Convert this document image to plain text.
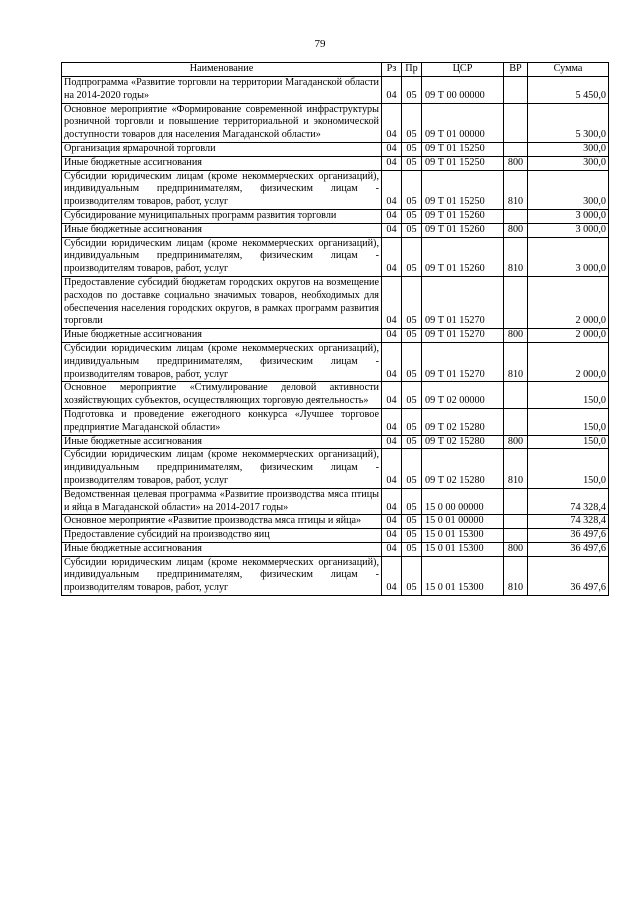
79
Наименование	Рз	Пр	ЦСР	ВР	Сумма
Подпрограмма «Развитие торговли на территории Магаданской области на 2014-2020 годы»	04	05	09 Т 00 00000		5 450,0
Основное мероприятие «Формирование современной инфраструктуры розничной торговли и повышение территориальной и экономической доступности товаров для населения Магаданской области»	04	05	09 Т 01 00000		5 300,0
Организация ярмарочной торговли	04	05	09 Т 01 15250		300,0
Иные бюджетные ассигнования	04	05	09 Т 01 15250	800	300,0
Субсидии юридическим лицам (кроме некоммерческих организаций), индивидуальным предпринимателям, физическим лицам - производителям товаров, работ, услуг	04	05	09 Т 01 15250	810	300,0
Субсидирование муниципальных программ развития торговли	04	05	09 Т 01 15260		3 000,0
Иные бюджетные ассигнования	04	05	09 Т 01 15260	800	3 000,0
Субсидии юридическим лицам (кроме некоммерческих организаций), индивидуальным предпринимателям, физическим лицам - производителям товаров, работ, услуг	04	05	09 Т 01 15260	810	3 000,0
Предоставление субсидий бюджетам городских округов на возмещение расходов по доставке социально значимых товаров, необходимых для обеспечения населения городских округов, в рамках программ развития торговли	04	05	09 Т 01 15270		2 000,0
Иные бюджетные ассигнования	04	05	09 Т 01 15270	800	2 000,0
Субсидии юридическим лицам (кроме некоммерческих организаций), индивидуальным предпринимателям, физическим лицам - производителям товаров, работ, услуг	04	05	09 Т 01 15270	810	2 000,0
Основное мероприятие «Стимулирование деловой активности хозяйствующих субъектов, осуществляющих торговую деятельность»	04	05	09 Т 02 00000		150,0
Подготовка и проведение ежегодного конкурса «Лучшее торговое предприятие Магаданской области»	04	05	09 Т 02 15280		150,0
Иные бюджетные ассигнования	04	05	09 Т 02 15280	800	150,0
Субсидии юридическим лицам (кроме некоммерческих организаций), индивидуальным предпринимателям, физическим лицам - производителям товаров, работ, услуг	04	05	09 Т 02 15280	810	150,0
Ведомственная целевая программа «Развитие производства мяса птицы и яйца в Магаданской области» на 2014-2017 годы»	04	05	15 0 00 00000		74 328,4
Основное мероприятие «Развитие производства мяса птицы и яйца»	04	05	15 0 01 00000		74 328,4
Предоставление субсидий на производство яиц	04	05	15 0 01 15300		36 497,6
Иные бюджетные ассигнования	04	05	15 0 01 15300	800	36 497,6
Субсидии юридическим лицам (кроме некоммерческих организаций), индивидуальным предпринимателям, физическим лицам - производителям товаров, работ, услуг	04	05	15 0 01 15300	810	36 497,6
